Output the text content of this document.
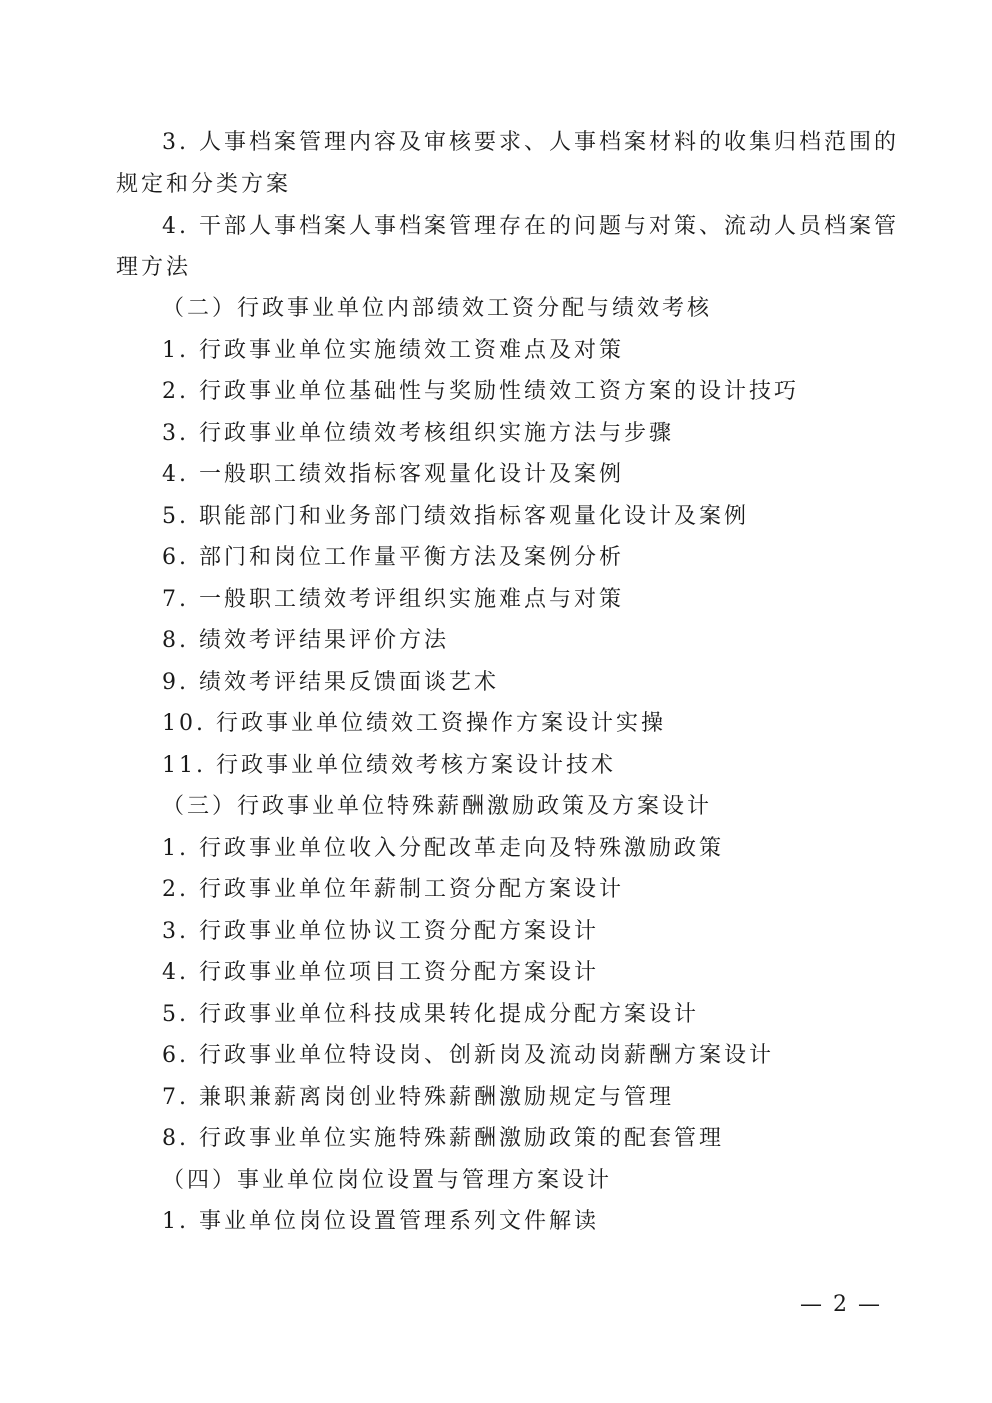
3. 人事档案管理内容及审核要求、人事档案材料的收集归档范围的
规定和分类方案
4. 干部人事档案人事档案管理存在的问题与对策、流动人员档案管
理方法
（二）行政事业单位内部绩效工资分配与绩效考核
1. 行政事业单位实施绩效工资难点及对策
2. 行政事业单位基础性与奖励性绩效工资方案的设计技巧
3. 行政事业单位绩效考核组织实施方法与步骤
4. 一般职工绩效指标客观量化设计及案例
5. 职能部门和业务部门绩效指标客观量化设计及案例
6. 部门和岗位工作量平衡方法及案例分析
7. 一般职工绩效考评组织实施难点与对策
8. 绩效考评结果评价方法
9. 绩效考评结果反馈面谈艺术
10. 行政事业单位绩效工资操作方案设计实操
11. 行政事业单位绩效考核方案设计技术
（三）行政事业单位特殊薪酬激励政策及方案设计
1. 行政事业单位收入分配改革走向及特殊激励政策
2. 行政事业单位年薪制工资分配方案设计
3. 行政事业单位协议工资分配方案设计
4. 行政事业单位项目工资分配方案设计
5. 行政事业单位科技成果转化提成分配方案设计
6. 行政事业单位特设岗、创新岗及流动岗薪酬方案设计
7. 兼职兼薪离岗创业特殊薪酬激励规定与管理
8. 行政事业单位实施特殊薪酬激励政策的配套管理
（四）事业单位岗位设置与管理方案设计
1. 事业单位岗位设置管理系列文件解读
— 2 —
